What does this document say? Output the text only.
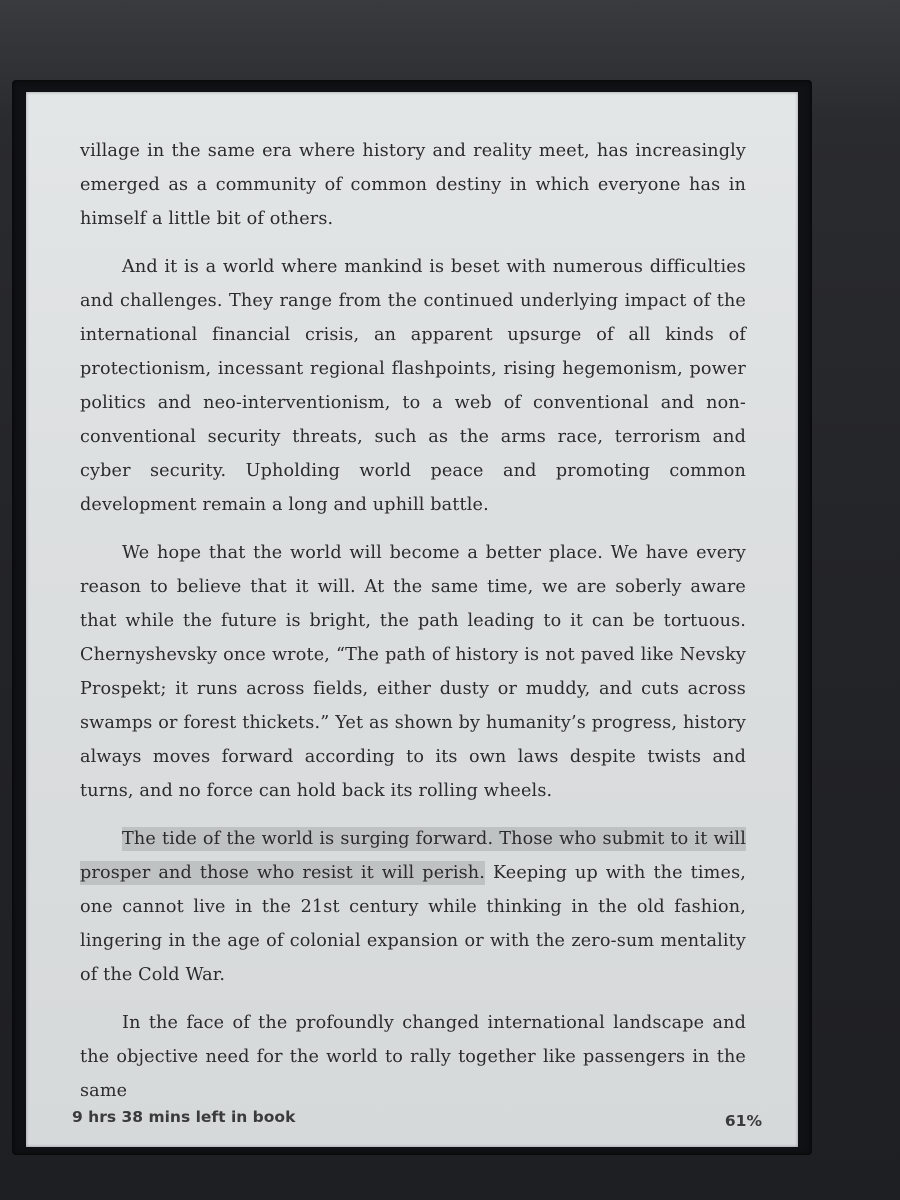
village in the same era where history and reality meet, has increasingly emerged as a community of common destiny in which everyone has in himself a little bit of others.

And it is a world where mankind is beset with numerous difficulties and challenges. They range from the continued underlying impact of the international financial crisis, an apparent upsurge of all kinds of protectionism, incessant regional flashpoints, rising hegemonism, power politics and neo-interventionism, to a web of conventional and non-conventional security threats, such as the arms race, terrorism and cyber security. Upholding world peace and promoting common development remain a long and uphill battle.

We hope that the world will become a better place. We have every reason to believe that it will. At the same time, we are soberly aware that while the future is bright, the path leading to it can be tortuous. Chernyshevsky once wrote, “The path of history is not paved like Nevsky Prospekt; it runs across fields, either dusty or muddy, and cuts across swamps or forest thickets.” Yet as shown by humanity’s progress, history always moves forward according to its own laws despite twists and turns, and no force can hold back its rolling wheels.

The tide of the world is surging forward. Those who submit to it will prosper and those who resist it will perish. Keeping up with the times, one cannot live in the 21st century while thinking in the old fashion, lingering in the age of colonial expansion or with the zero-sum mentality of the Cold War.

In the face of the profoundly changed international landscape and the objective need for the world to rally together like passengers in the same

9 hrs 38 mins left in book	61%
